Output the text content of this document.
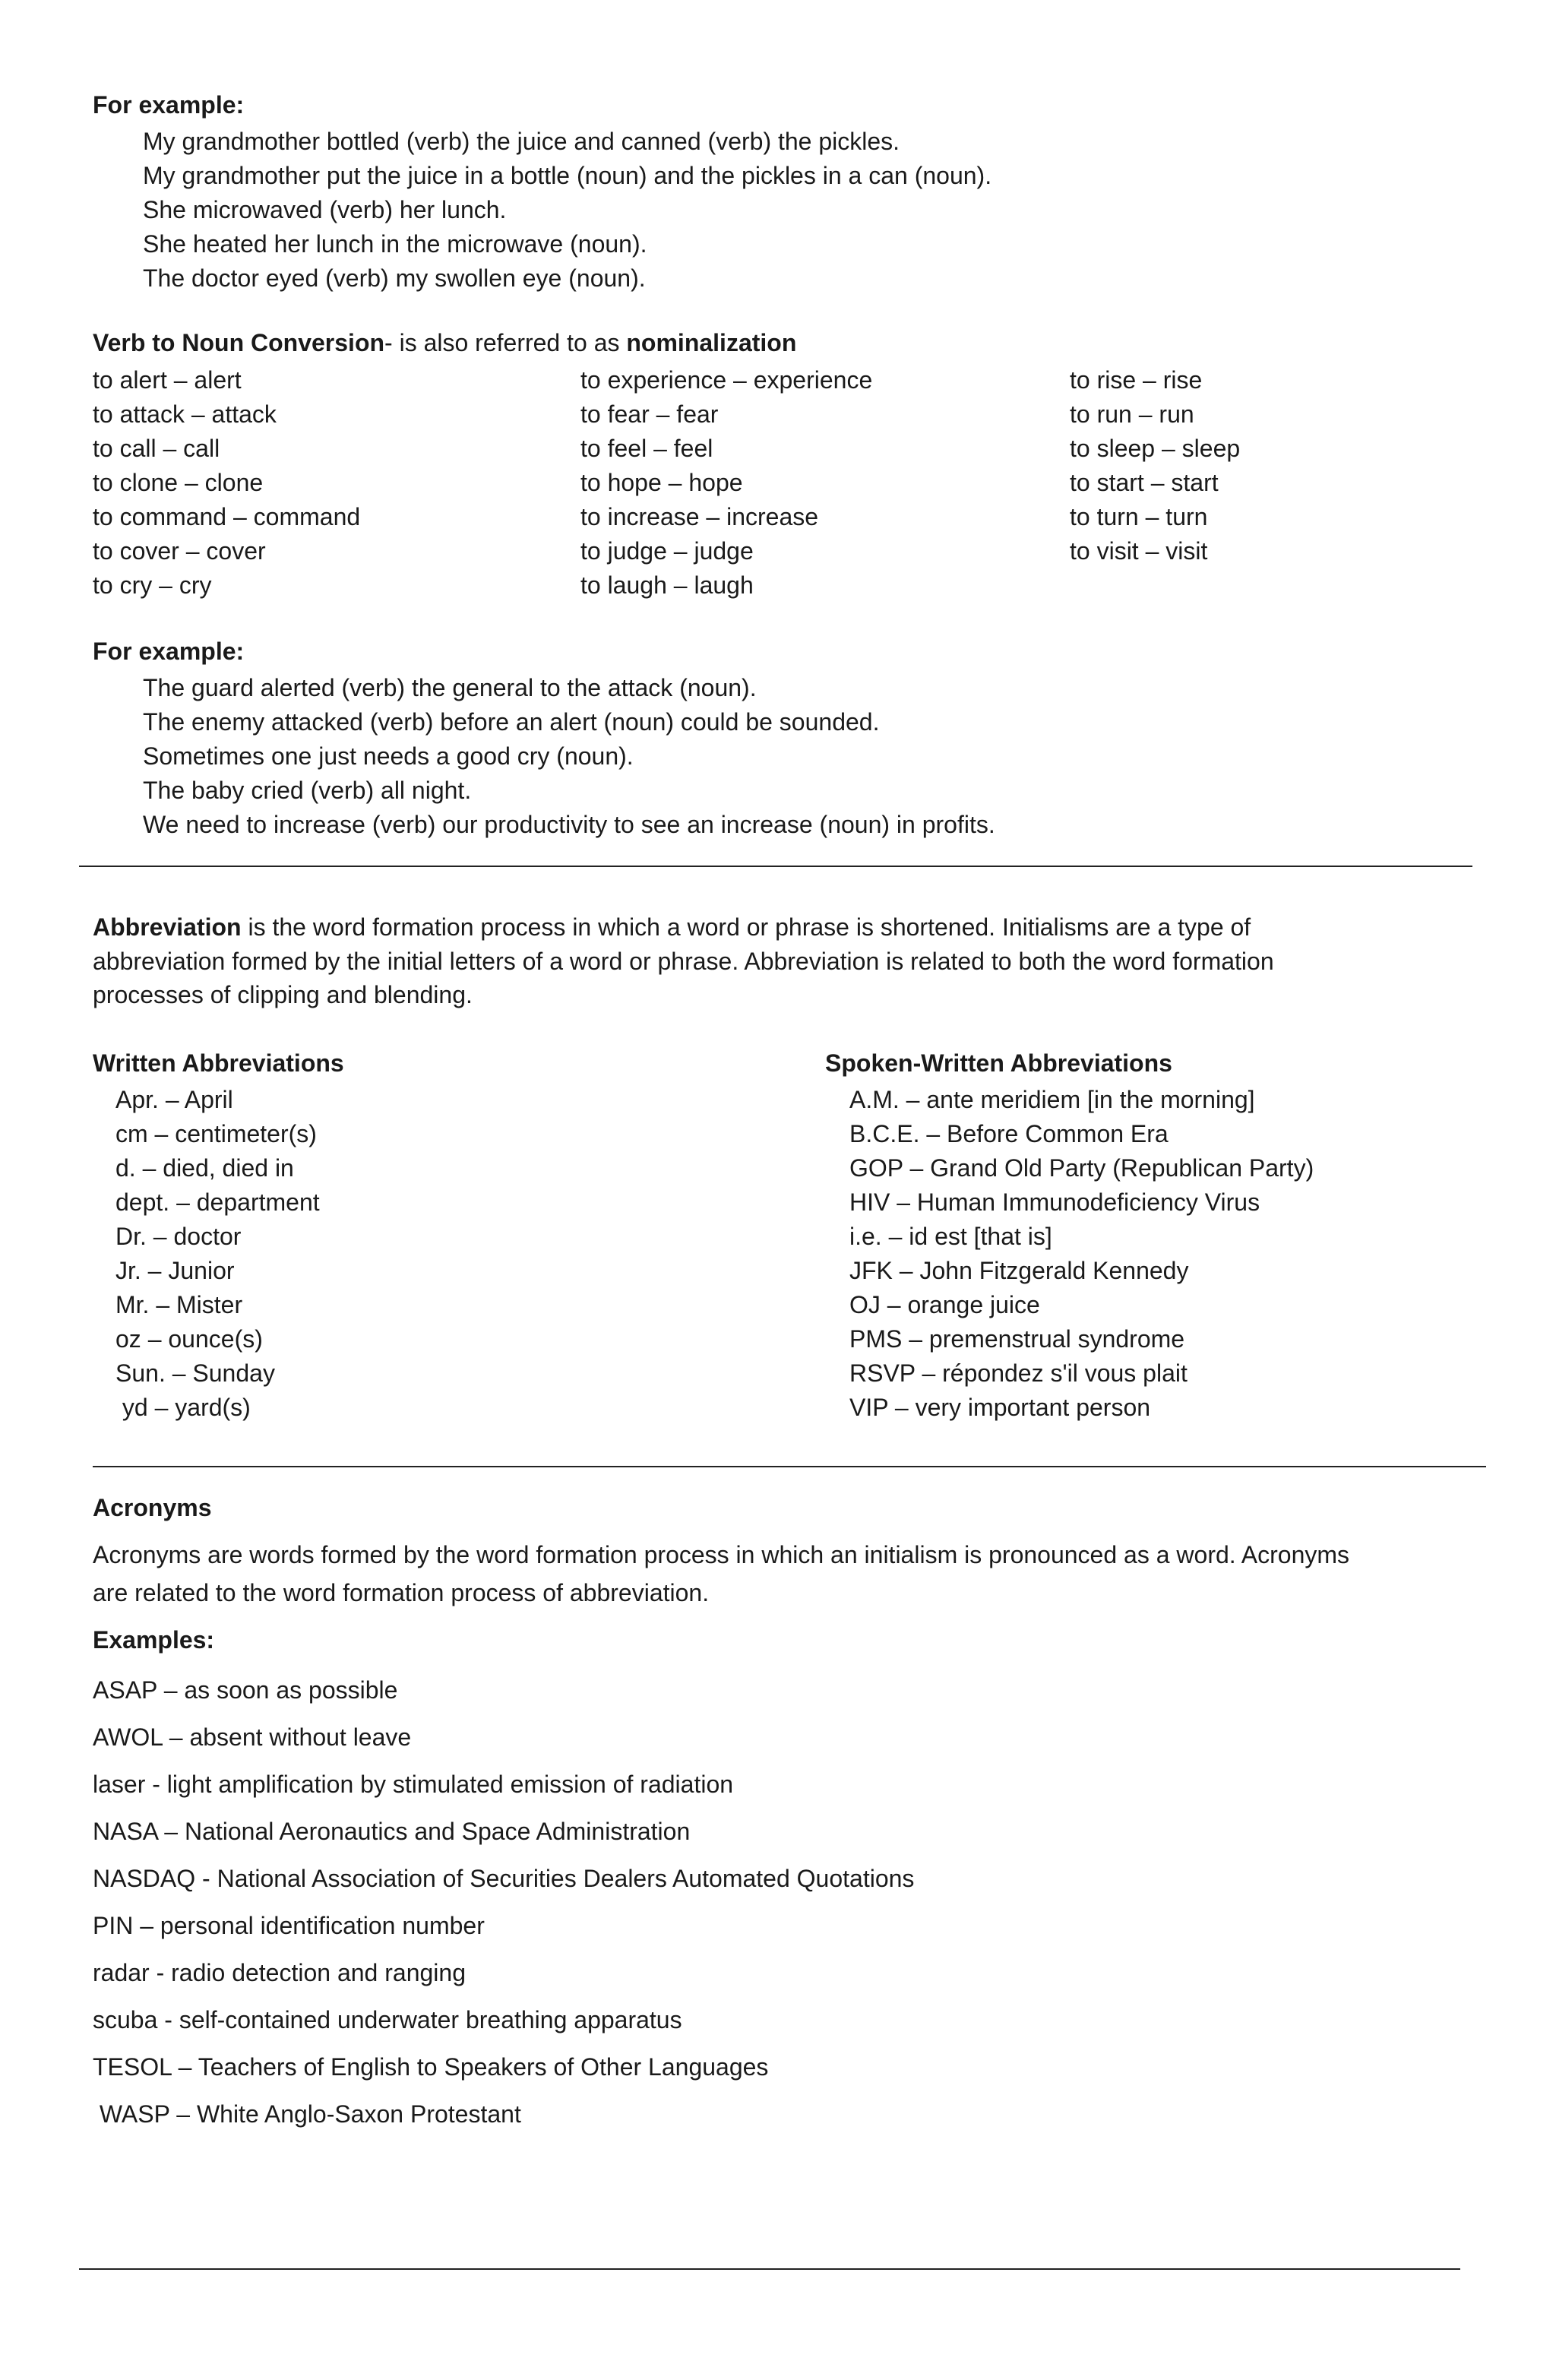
For example:
My grandmother bottled (verb) the juice and canned (verb) the pickles.
My grandmother put the juice in a bottle (noun) and the pickles in a can (noun).
She microwaved (verb) her lunch.
She heated her lunch in the microwave (noun).
The doctor eyed (verb) my swollen eye (noun).
Verb to Noun Conversion- is also referred to as nominalization
to alert – alert
to attack – attack
to call – call
to clone – clone
to command – command
to cover – cover
to cry – cry
to experience – experience
to fear – fear
to feel – feel
to hope – hope
to increase – increase
to judge – judge
to laugh – laugh
to rise – rise
to run – run
to sleep – sleep
to start – start
to turn – turn
to visit – visit
For example:
The guard alerted (verb) the general to the attack (noun).
The enemy attacked (verb) before an alert (noun) could be sounded.
Sometimes one just needs a good cry (noun).
The baby cried (verb) all night.
We need to increase (verb) our productivity to see an increase (noun) in profits.
Abbreviation is the word formation process in which a word or phrase is shortened. Initialisms are a type of
abbreviation formed by the initial letters of a word or phrase. Abbreviation is related to both the word formation
processes of clipping and blending.
Written Abbreviations
Apr. – April
cm – centimeter(s)
d. – died, died in
dept. – department
Dr. – doctor
Jr. – Junior
Mr. – Mister
oz – ounce(s)
Sun. – Sunday
yd – yard(s)
Spoken-Written Abbreviations
A.M. – ante meridiem [in the morning]
B.C.E. – Before Common Era
GOP – Grand Old Party (Republican Party)
HIV – Human Immunodeficiency Virus
i.e. – id est [that is]
JFK – John Fitzgerald Kennedy
OJ – orange juice
PMS – premenstrual syndrome
RSVP – répondez s'il vous plait
VIP – very important person
Acronyms
Acronyms are words formed by the word formation process in which an initialism is pronounced as a word. Acronyms
are related to the word formation process of abbreviation.
Examples:
ASAP – as soon as possible
AWOL – absent without leave
laser - light amplification by stimulated emission of radiation
NASA – National Aeronautics and Space Administration
NASDAQ - National Association of Securities Dealers Automated Quotations
PIN – personal identification number
radar - radio detection and ranging
scuba - self-contained underwater breathing apparatus
TESOL – Teachers of English to Speakers of Other Languages
WASP – White Anglo-Saxon Protestant
